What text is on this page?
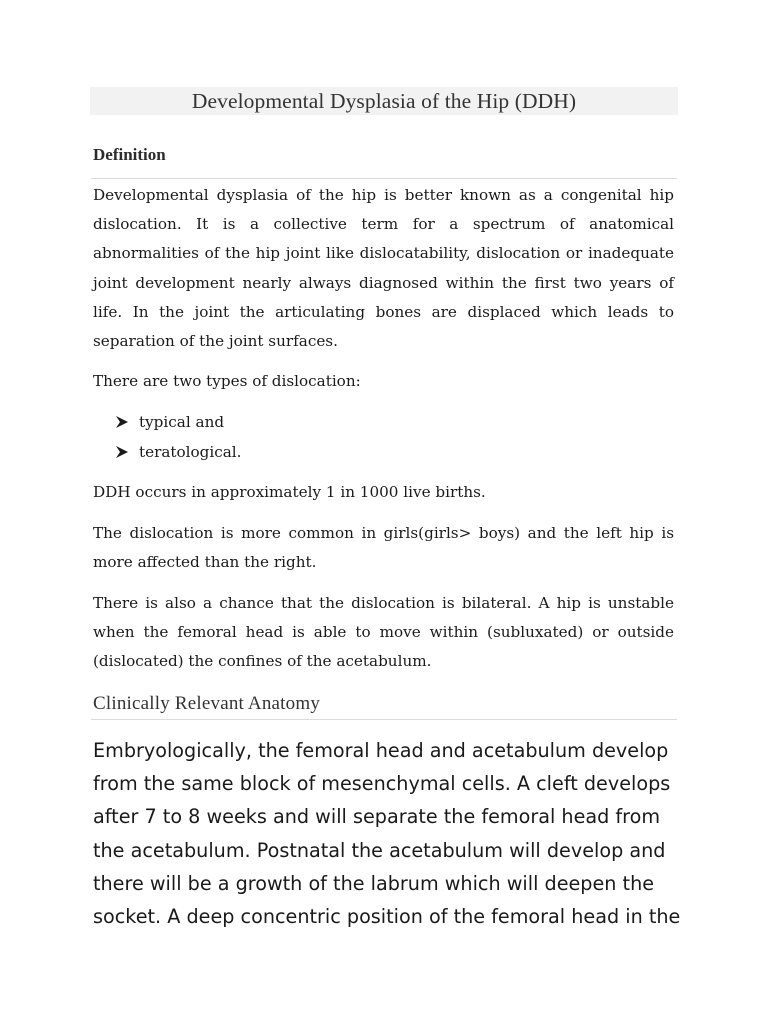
Developmental Dysplasia of the Hip (DDH)
Definition

Developmental dysplasia of the hip is better known as a congenital hip dislocation. It is a collective term for a spectrum of anatomical abnormalities of the hip joint like dislocatability, dislocation or inadequate joint development nearly always diagnosed within the first two years of life. In the joint the articulating bones are displaced which leads to separation of the joint surfaces.

There are two types of dislocation:

typical and
teratological.

DDH occurs in approximately 1 in 1000 live births.

The dislocation is more common in girls(girls> boys) and the left hip is more affected than the right.

There is also a chance that the dislocation is bilateral. A hip is unstable when the femoral head is able to move within (subluxated) or outside (dislocated) the confines of the acetabulum.

Clinically Relevant Anatomy

Embryologically, the femoral head and acetabulum develop from the same block of mesenchymal cells. A cleft develops after 7 to 8 weeks and will separate the femoral head from the acetabulum. Postnatal the acetabulum will develop and there will be a growth of the labrum which will deepen the socket. A deep concentric position of the femoral head in the
